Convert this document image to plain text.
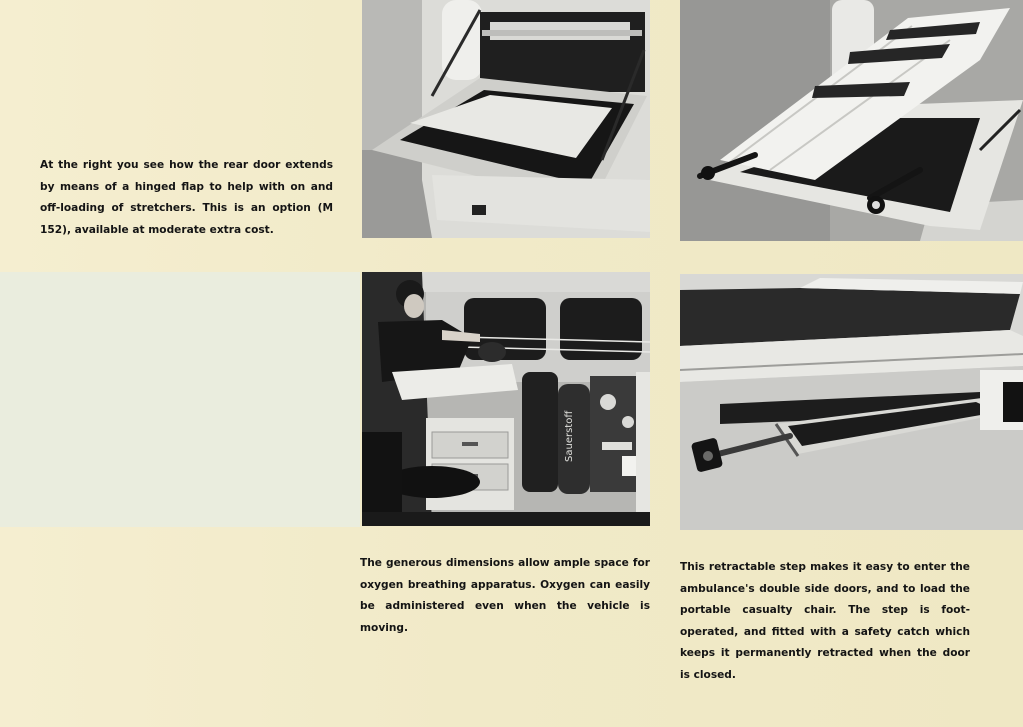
At the right you see how the rear door extends by means of a hinged flap to help with on and off-loading of stretchers. This is an option (M 152), available at moderate extra cost.

Sauerstoff

The generous dimensions allow ample space for oxygen breathing apparatus. Oxygen can easily be administered even when the vehicle is moving.

This retractable step makes it easy to enter the ambulance's double side doors, and to load the portable casualty chair. The step is foot-operated, and fitted with a safety catch which keeps it permanently retracted when the door is closed.
